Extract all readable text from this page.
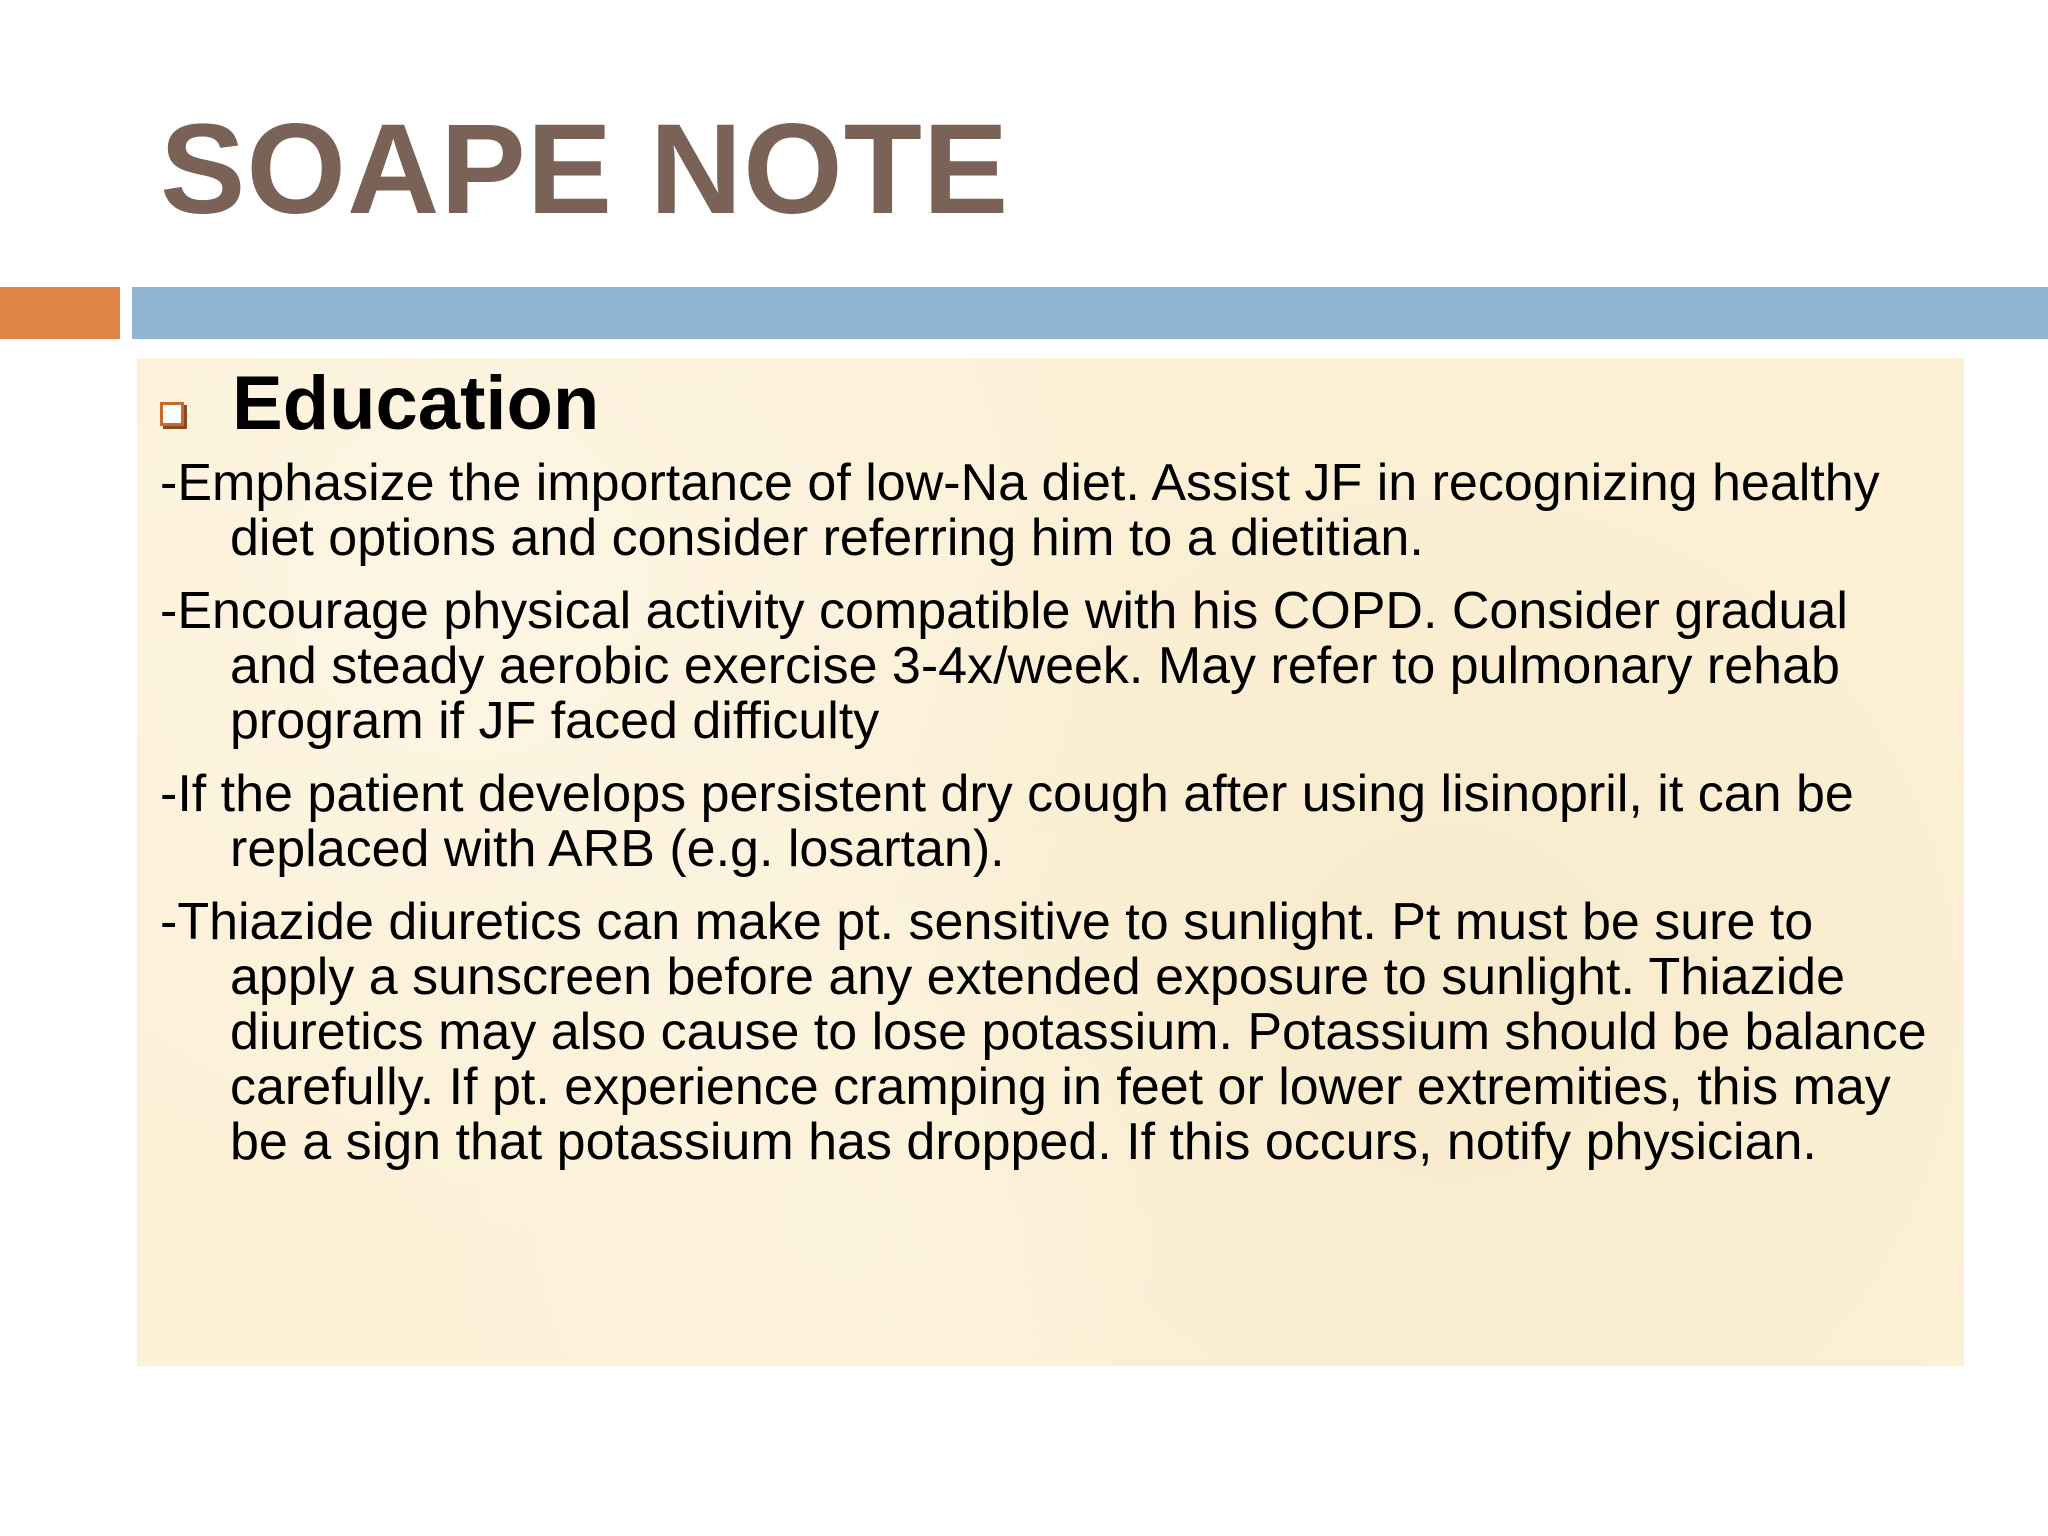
SOAPE NOTE
Education
-Emphasize the importance of low-Na diet. Assist JF in recognizing healthy diet options and consider referring him to a dietitian.
-Encourage physical activity compatible with his COPD. Consider gradual and steady aerobic exercise 3-4x/week. May refer to pulmonary rehab program if JF faced difficulty
-If the patient develops persistent dry cough after using lisinopril, it can be replaced with ARB (e.g. losartan).
-Thiazide diuretics can make pt. sensitive to sunlight. Pt must be sure to apply a sunscreen before any extended exposure to sunlight. Thiazide diuretics may also cause to lose potassium. Potassium should be balance carefully. If pt. experience cramping in feet or lower extremities, this may be a sign that potassium has dropped. If this occurs, notify physician.
